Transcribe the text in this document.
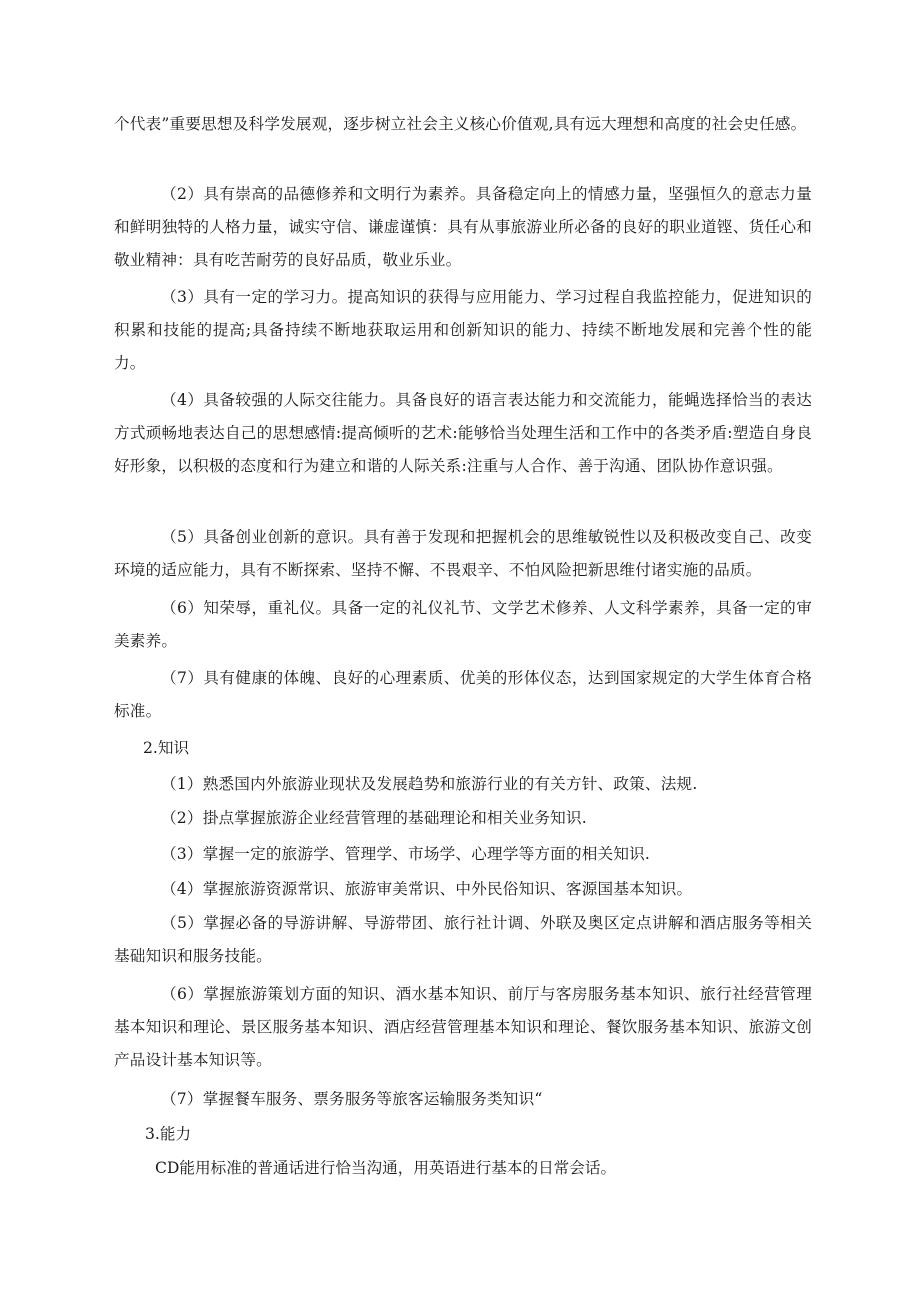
个代表”重要思想及科学发展观，逐步树立社会主义核心价值观,具有远大理想和高度的社会史任感。

（2）具有崇高的品德修养和文明行为素养。具备稳定向上的情感力量，坚强恒久的意志力量和鲜明独特的人格力量，诚实守信、谦虚谨慎：具有从事旅游业所必备的良好的职业道铿、货任心和敬业精神：具有吃苦耐劳的良好品质，敬业乐业。

（3）具有一定的学习力。提高知识的获得与应用能力、学习过程自我监控能力，促进知识的积累和技能的提高;具备持续不断地获取运用和创新知识的能力、持续不断地发展和完善个性的能力。

（4）具备较强的人际交往能力。具备良好的语言表达能力和交流能力，能蝇选择恰当的表达方式顽畅地表达自己的思想感情:提高倾听的艺术:能够恰当处理生活和工作中的各类矛盾:塑造自身良好形象，以积极的态度和行为建立和谐的人际关系:注重与人合作、善于沟通、团队协作意识强。

（5）具备创业创新的意识。具有善于发现和把握机会的思维敏锐性以及积极改变自己、改变环境的适应能力，具有不断探索、坚持不懈、不畏艰辛、不怕风险把新思维付诸实施的品质。

（6）知荣辱，重礼仪。具备一定的礼仪礼节、文学艺术修养、人文科学素养，具备一定的审美素养。

（7）具有健康的体魄、良好的心理素质、优美的形体仪态，达到国家规定的大学生体育合格标准。

2.知识

（1）熟悉国内外旅游业现状及发展趋势和旅游行业的有关方针、政策、法规.

（2）掛点掌握旅游企业经营管理的基础理论和相关业务知识.

（3）掌握一定的旅游学、管理学、市场学、心理学等方面的相关知识.

（4）掌握旅游资源常识、旅游审美常识、中外民俗知识、客源国基本知识。

（5）掌握必备的导游讲解、导游带团、旅行社计调、外联及奥区定点讲解和酒店服务等相关基础知识和服务技能。

（6）掌握旅游策划方面的知识、酒水基本知识、前厅与客房服务基本知识、旅行社经营管理基本知识和理论、景区服务基本知识、酒店经营管理基本知识和理论、餐饮服务基本知识、旅游文创产品设计基本知识等。

（7）掌握餐车服务、票务服务等旅客运输服务类知识“

3.能力

CD能用标准的普通话进行恰当沟通，用英语进行基本的日常会话。
